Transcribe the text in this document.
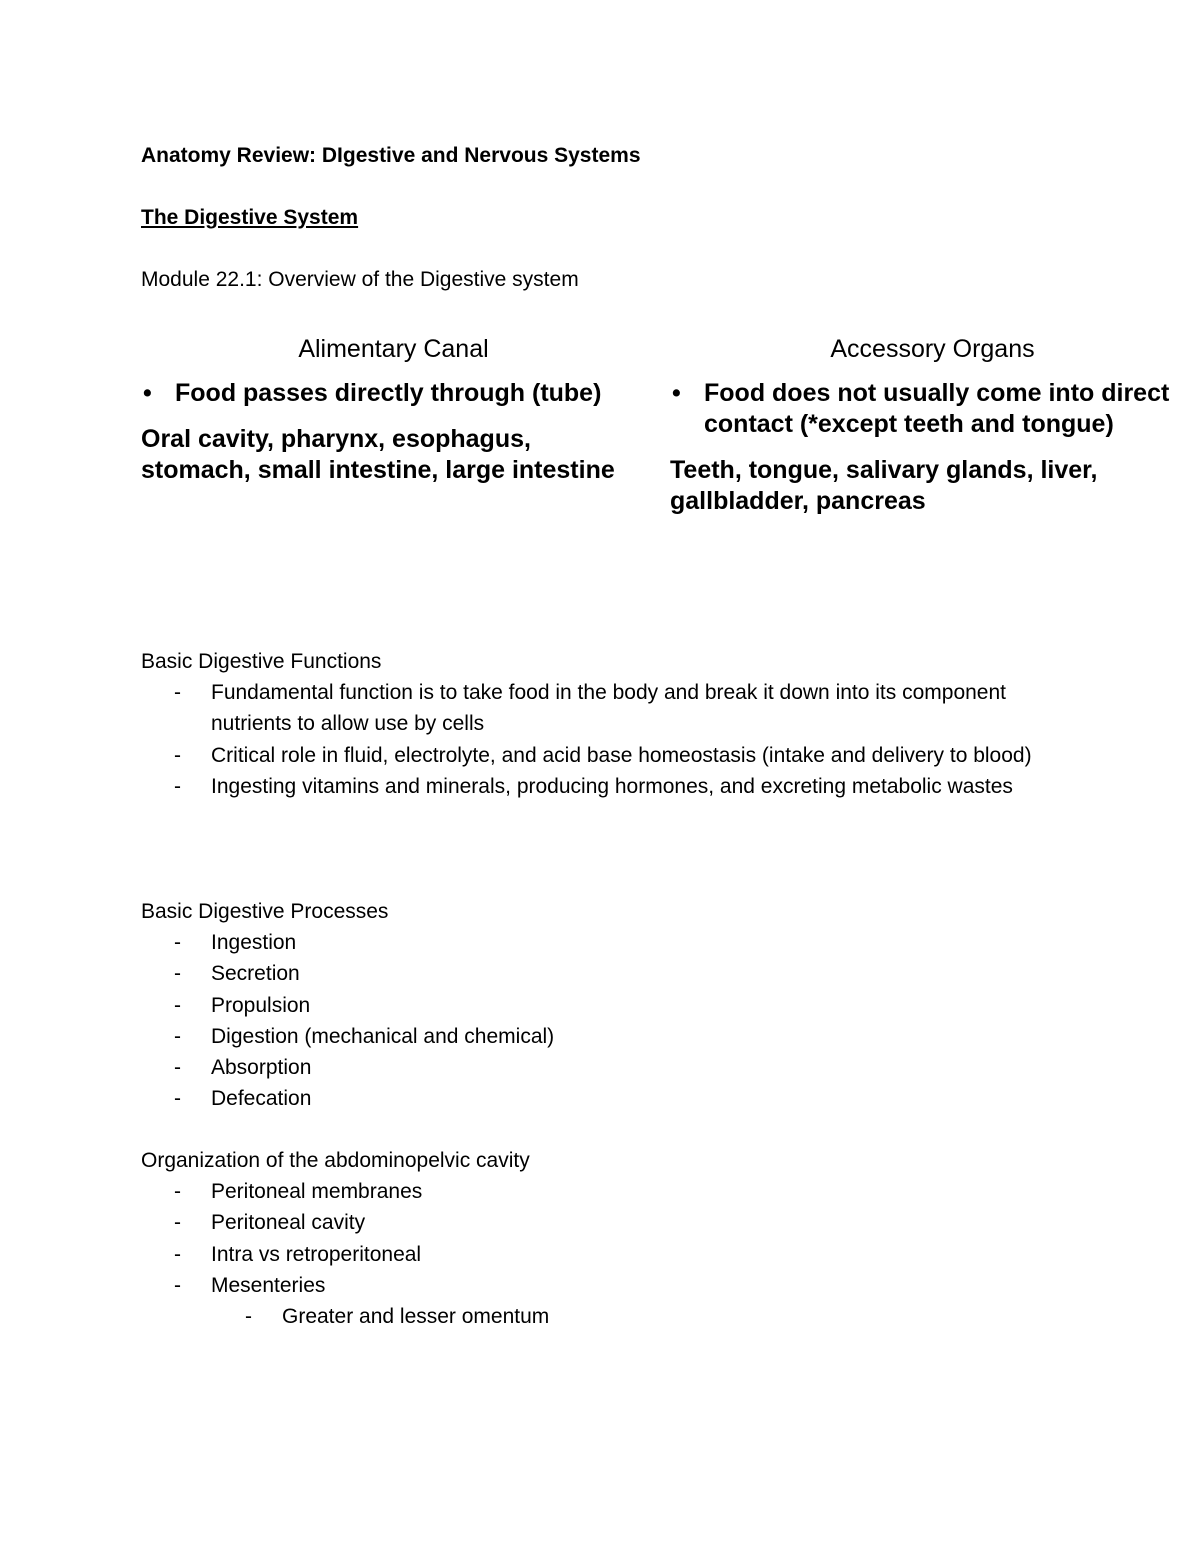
Anatomy Review: DIgestive and Nervous Systems
The Digestive System
Module 22.1: Overview of the Digestive system
Alimentary Canal
• Food passes directly through (tube)
Oral cavity, pharynx, esophagus, stomach, small intestine, large intestine
Accessory Organs
• Food does not usually come into direct contact (*except teeth and tongue)
Teeth, tongue, salivary glands, liver, gallbladder, pancreas
Basic Digestive Functions
- Fundamental function is to take food in the body and break it down into its component nutrients to allow use by cells
- Critical role in fluid, electrolyte, and acid base homeostasis (intake and delivery to blood)
- Ingesting vitamins and minerals, producing hormones, and excreting metabolic wastes
Basic Digestive Processes
- Ingestion
- Secretion
- Propulsion
- Digestion (mechanical and chemical)
- Absorption
- Defecation
Organization of the abdominopelvic cavity
- Peritoneal membranes
- Peritoneal cavity
- Intra vs retroperitoneal
- Mesenteries
- Greater and lesser omentum
